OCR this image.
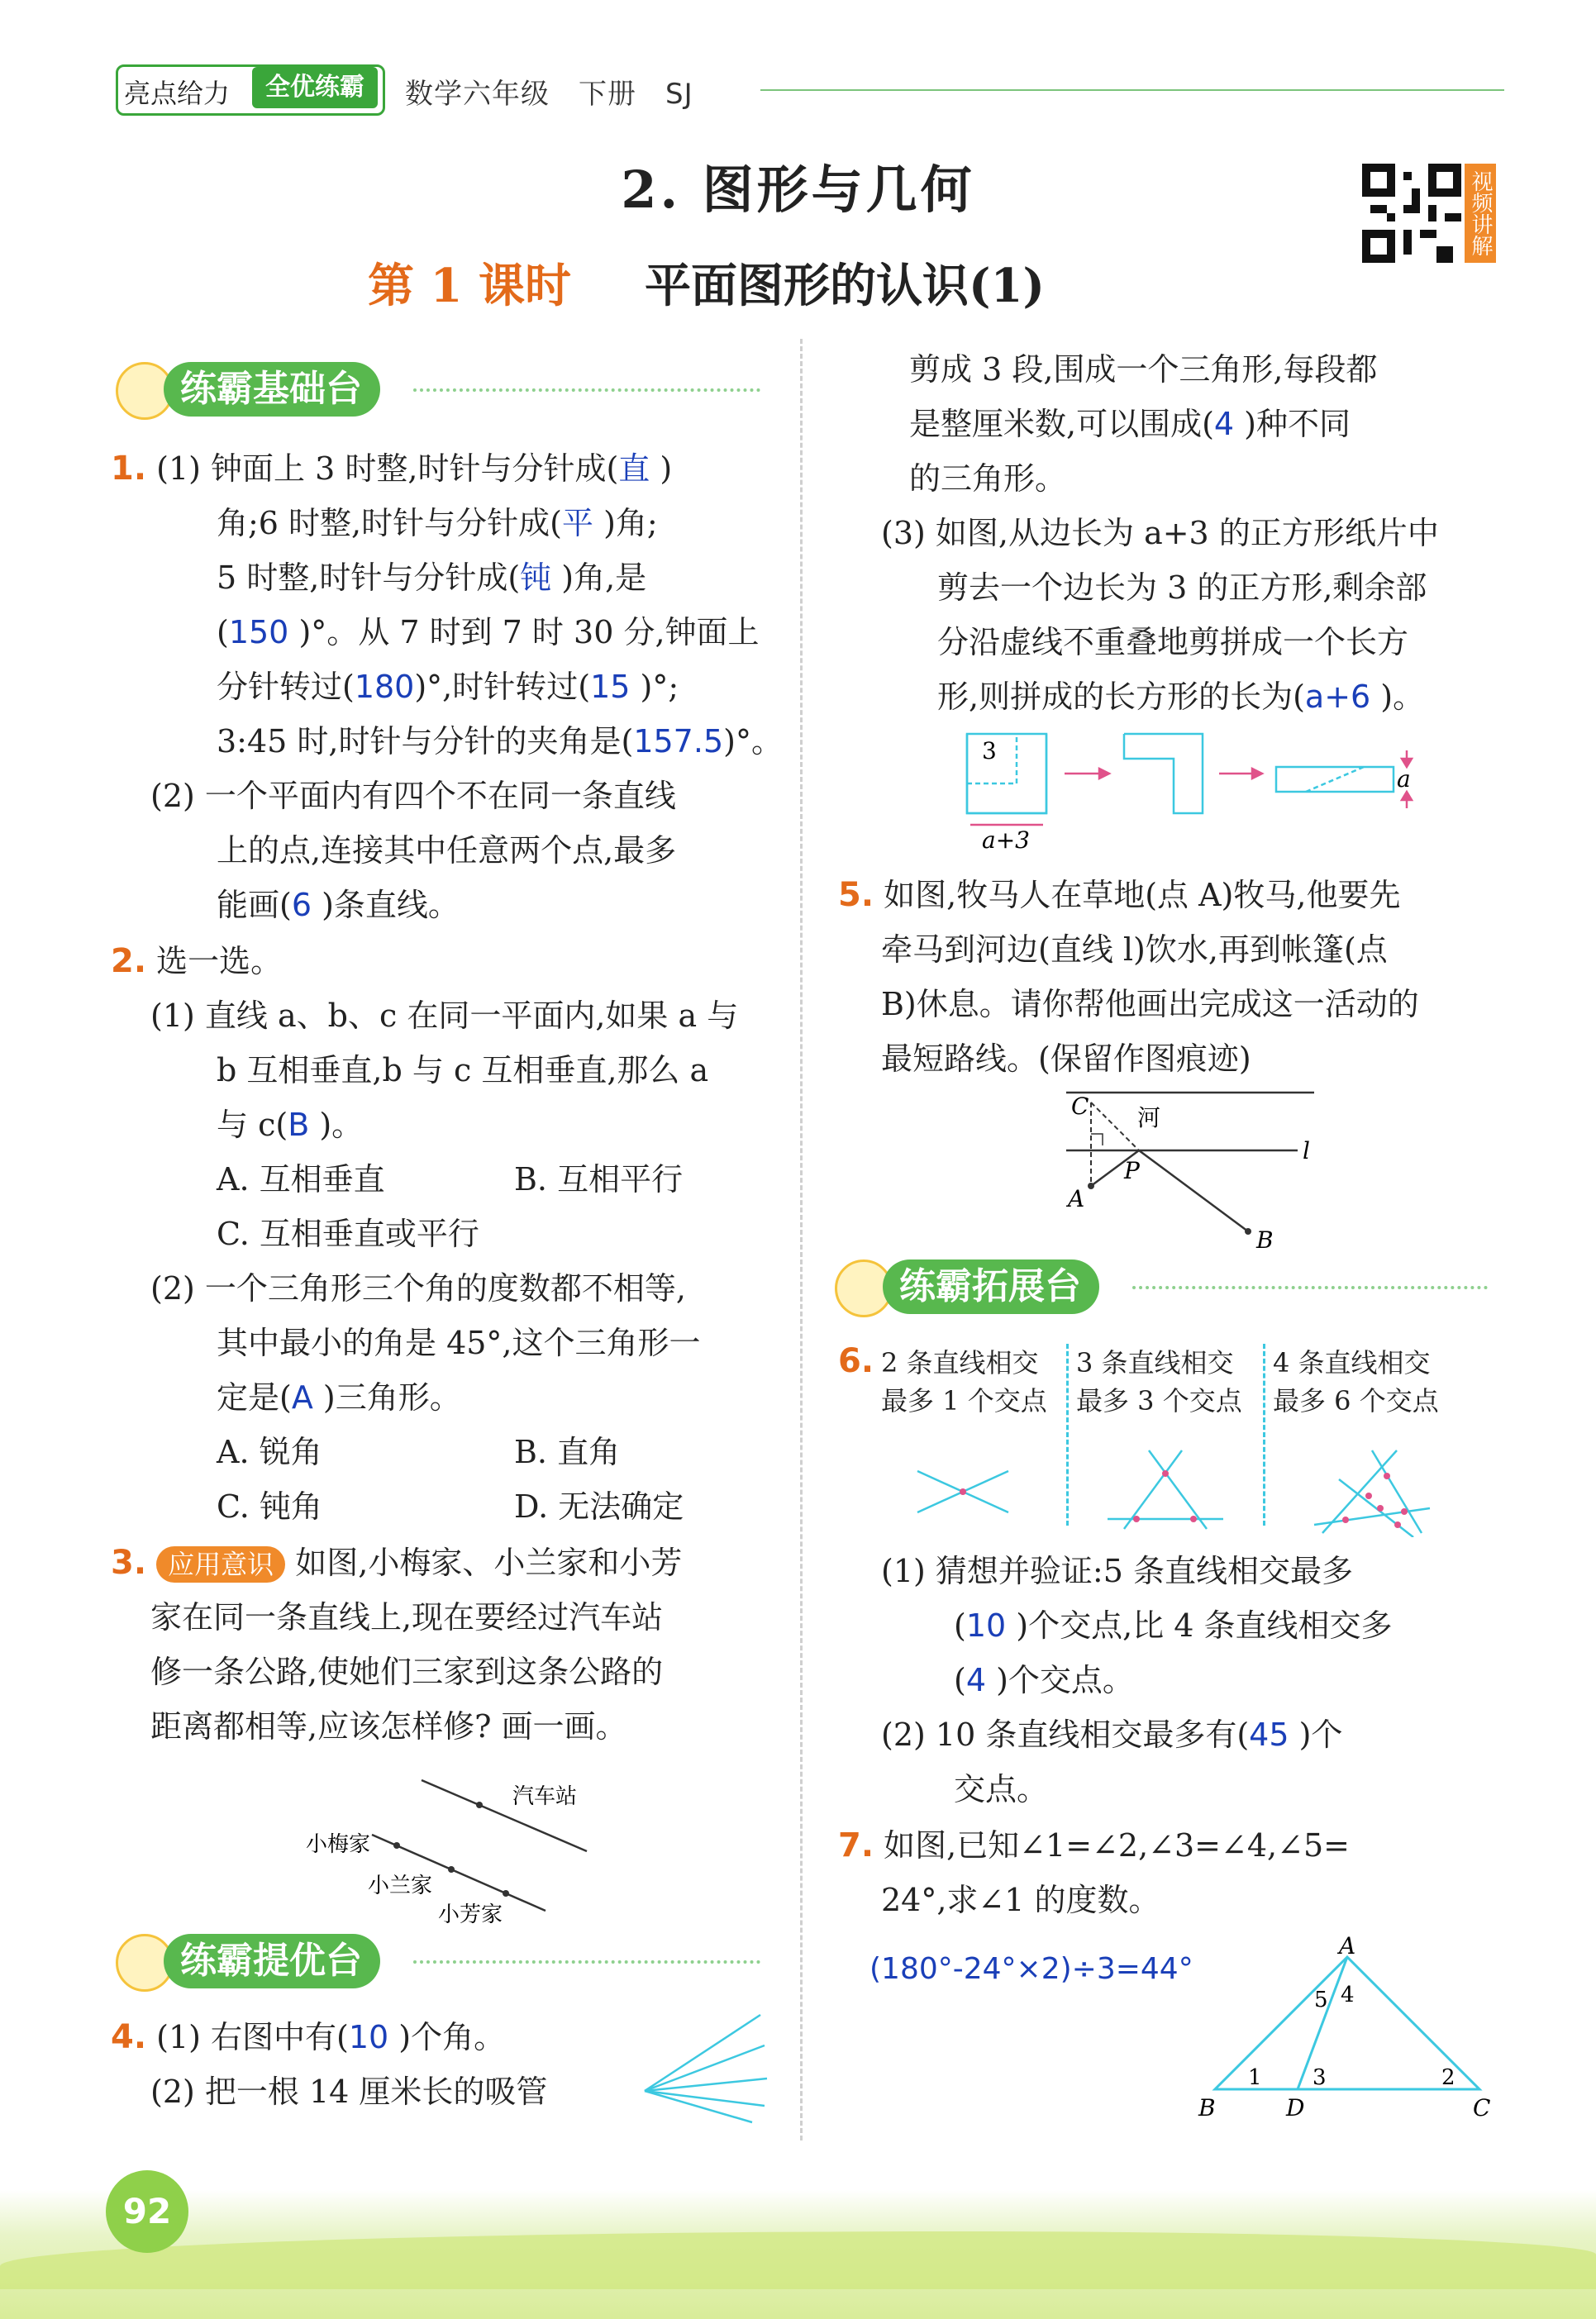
亮点给力	全优练霸	数学六年级　下册　SJ
2. 图形与几何
第 1 课时 平面图形的认识(1)
视频讲解
练霸基础台
1. (1) 钟面上 3 时整,时针与分针成(直 )
角;6 时整,时针与分针成(平 )角;
5 时整,时针与分针成(钝 )角,是
(150 )°。从 7 时到 7 时 30 分,钟面上
分针转过(180)°,时针转过(15 )°;
3:45 时,时针与分针的夹角是(157.5)°。
(2) 一个平面内有四个不在同一条直线
上的点,连接其中任意两个点,最多
能画(6 )条直线。
2. 选一选。
(1) 直线 a、b、c 在同一平面内,如果 a 与
b 互相垂直,b 与 c 互相垂直,那么 a
与 c(B )。
A. 互相垂直	B. 互相平行
C. 互相垂直或平行
(2) 一个三角形三个角的度数都不相等,
其中最小的角是 45°,这个三角形一
定是(A )三角形。
A. 锐角	B. 直角
C. 钝角	D. 无法确定
3. 应用意识 如图,小梅家、小兰家和小芳
家在同一条直线上,现在要经过汽车站
修一条公路,使她们三家到这条公路的
距离都相等,应该怎样修? 画一画。
汽车站
小梅家
小兰家
小芳家
练霸提优台
4. (1) 右图中有(10 )个角。
(2) 把一根 14 厘米长的吸管
剪成 3 段,围成一个三角形,每段都
是整厘米数,可以围成(4 )种不同
的三角形。
(3) 如图,从边长为 a+3 的正方形纸片中
剪去一个边长为 3 的正方形,剩余部
分沿虚线不重叠地剪拼成一个长方
形,则拼成的长方形的长为(a+6 )。
3
a+3
a
5. 如图,牧马人在草地(点 A)牧马,他要先
牵马到河边(直线 l)饮水,再到帐篷(点
B)休息。请你帮他画出完成这一活动的
最短路线。(保留作图痕迹)
C 河
l
P
A
B
练霸拓展台
6. 2 条直线相交
最多 1 个交点
3 条直线相交
最多 3 个交点
4 条直线相交
最多 6 个交点
(1) 猜想并验证:5 条直线相交最多
(10 )个交点,比 4 条直线相交多
(4 )个交点。
(2) 10 条直线相交最多有(45 )个
交点。
7. 如图,已知∠1=∠2,∠3=∠4,∠5=
24°,求∠1 的度数。
(180°-24°×2)÷3=44°
A
5 4
1 3	2
B	D	C
92
